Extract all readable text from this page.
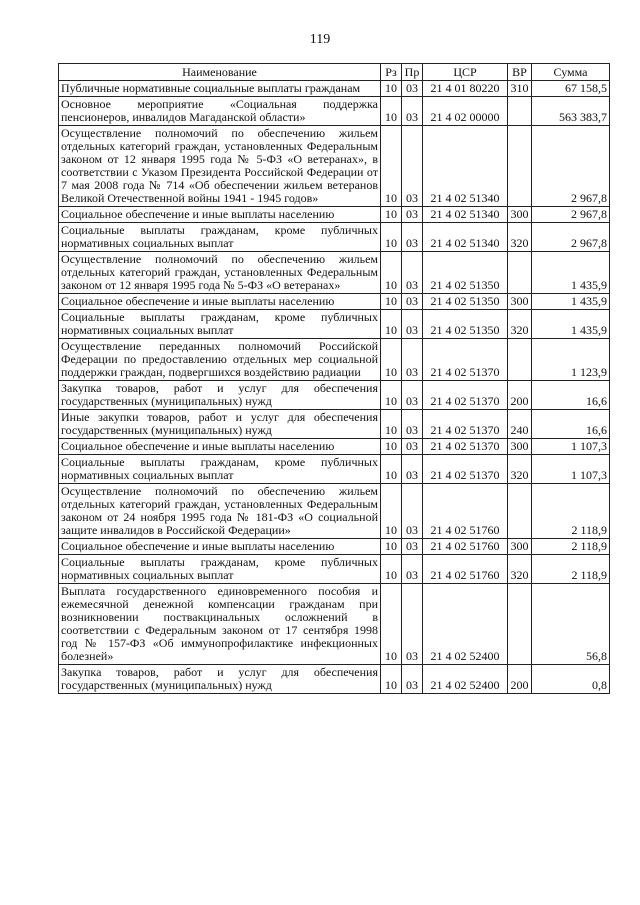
119
Наименование	Рз	Пр	ЦСР	ВР	Сумма
Публичные нормативные социальные выплаты гражданам	10	03	21 4 01 80220	310	67 158,5
Основное мероприятие «Социальная поддержка пенсионеров, инвалидов Магаданской области»	10	03	21 4 02 00000		563 383,7
Осуществление полномочий по обеспечению жильем отдельных категорий граждан, установленных Федеральным законом от 12 января 1995 года № 5-ФЗ «О ветеранах», в соответствии с Указом Президента Российской Федерации от 7 мая 2008 года № 714 «Об обеспечении жильем ветеранов Великой Отечественной войны 1941 - 1945 годов»	10	03	21 4 02 51340		2 967,8
Социальное обеспечение и иные выплаты населению	10	03	21 4 02 51340	300	2 967,8
Социальные выплаты гражданам, кроме публичных нормативных социальных выплат	10	03	21 4 02 51340	320	2 967,8
Осуществление полномочий по обеспечению жильем отдельных категорий граждан, установленных Федеральным законом от 12 января 1995 года № 5-ФЗ «О ветеранах»	10	03	21 4 02 51350		1 435,9
Социальное обеспечение и иные выплаты населению	10	03	21 4 02 51350	300	1 435,9
Социальные выплаты гражданам, кроме публичных нормативных социальных выплат	10	03	21 4 02 51350	320	1 435,9
Осуществление переданных полномочий Российской Федерации по предоставлению отдельных мер социальной поддержки граждан, подвергшихся воздействию радиации	10	03	21 4 02 51370		1 123,9
Закупка товаров, работ и услуг для обеспечения государственных (муниципальных) нужд	10	03	21 4 02 51370	200	16,6
Иные закупки товаров, работ и услуг для обеспечения государственных (муниципальных) нужд	10	03	21 4 02 51370	240	16,6
Социальное обеспечение и иные выплаты населению	10	03	21 4 02 51370	300	1 107,3
Социальные выплаты гражданам, кроме публичных нормативных социальных выплат	10	03	21 4 02 51370	320	1 107,3
Осуществление полномочий по обеспечению жильем отдельных категорий граждан, установленных Федеральным законом от 24 ноября 1995 года № 181-ФЗ «О социальной защите инвалидов в Российской Федерации»	10	03	21 4 02 51760		2 118,9
Социальное обеспечение и иные выплаты населению	10	03	21 4 02 51760	300	2 118,9
Социальные выплаты гражданам, кроме публичных нормативных социальных выплат	10	03	21 4 02 51760	320	2 118,9
Выплата государственного единовременного пособия и ежемесячной денежной компенсации гражданам при возникновении поствакцинальных осложнений в соответствии с Федеральным законом от 17 сентября 1998 год № 157-ФЗ «Об иммунопрофилактике инфекционных болезней»	10	03	21 4 02 52400		56,8
Закупка товаров, работ и услуг для обеспечения государственных (муниципальных) нужд	10	03	21 4 02 52400	200	0,8
